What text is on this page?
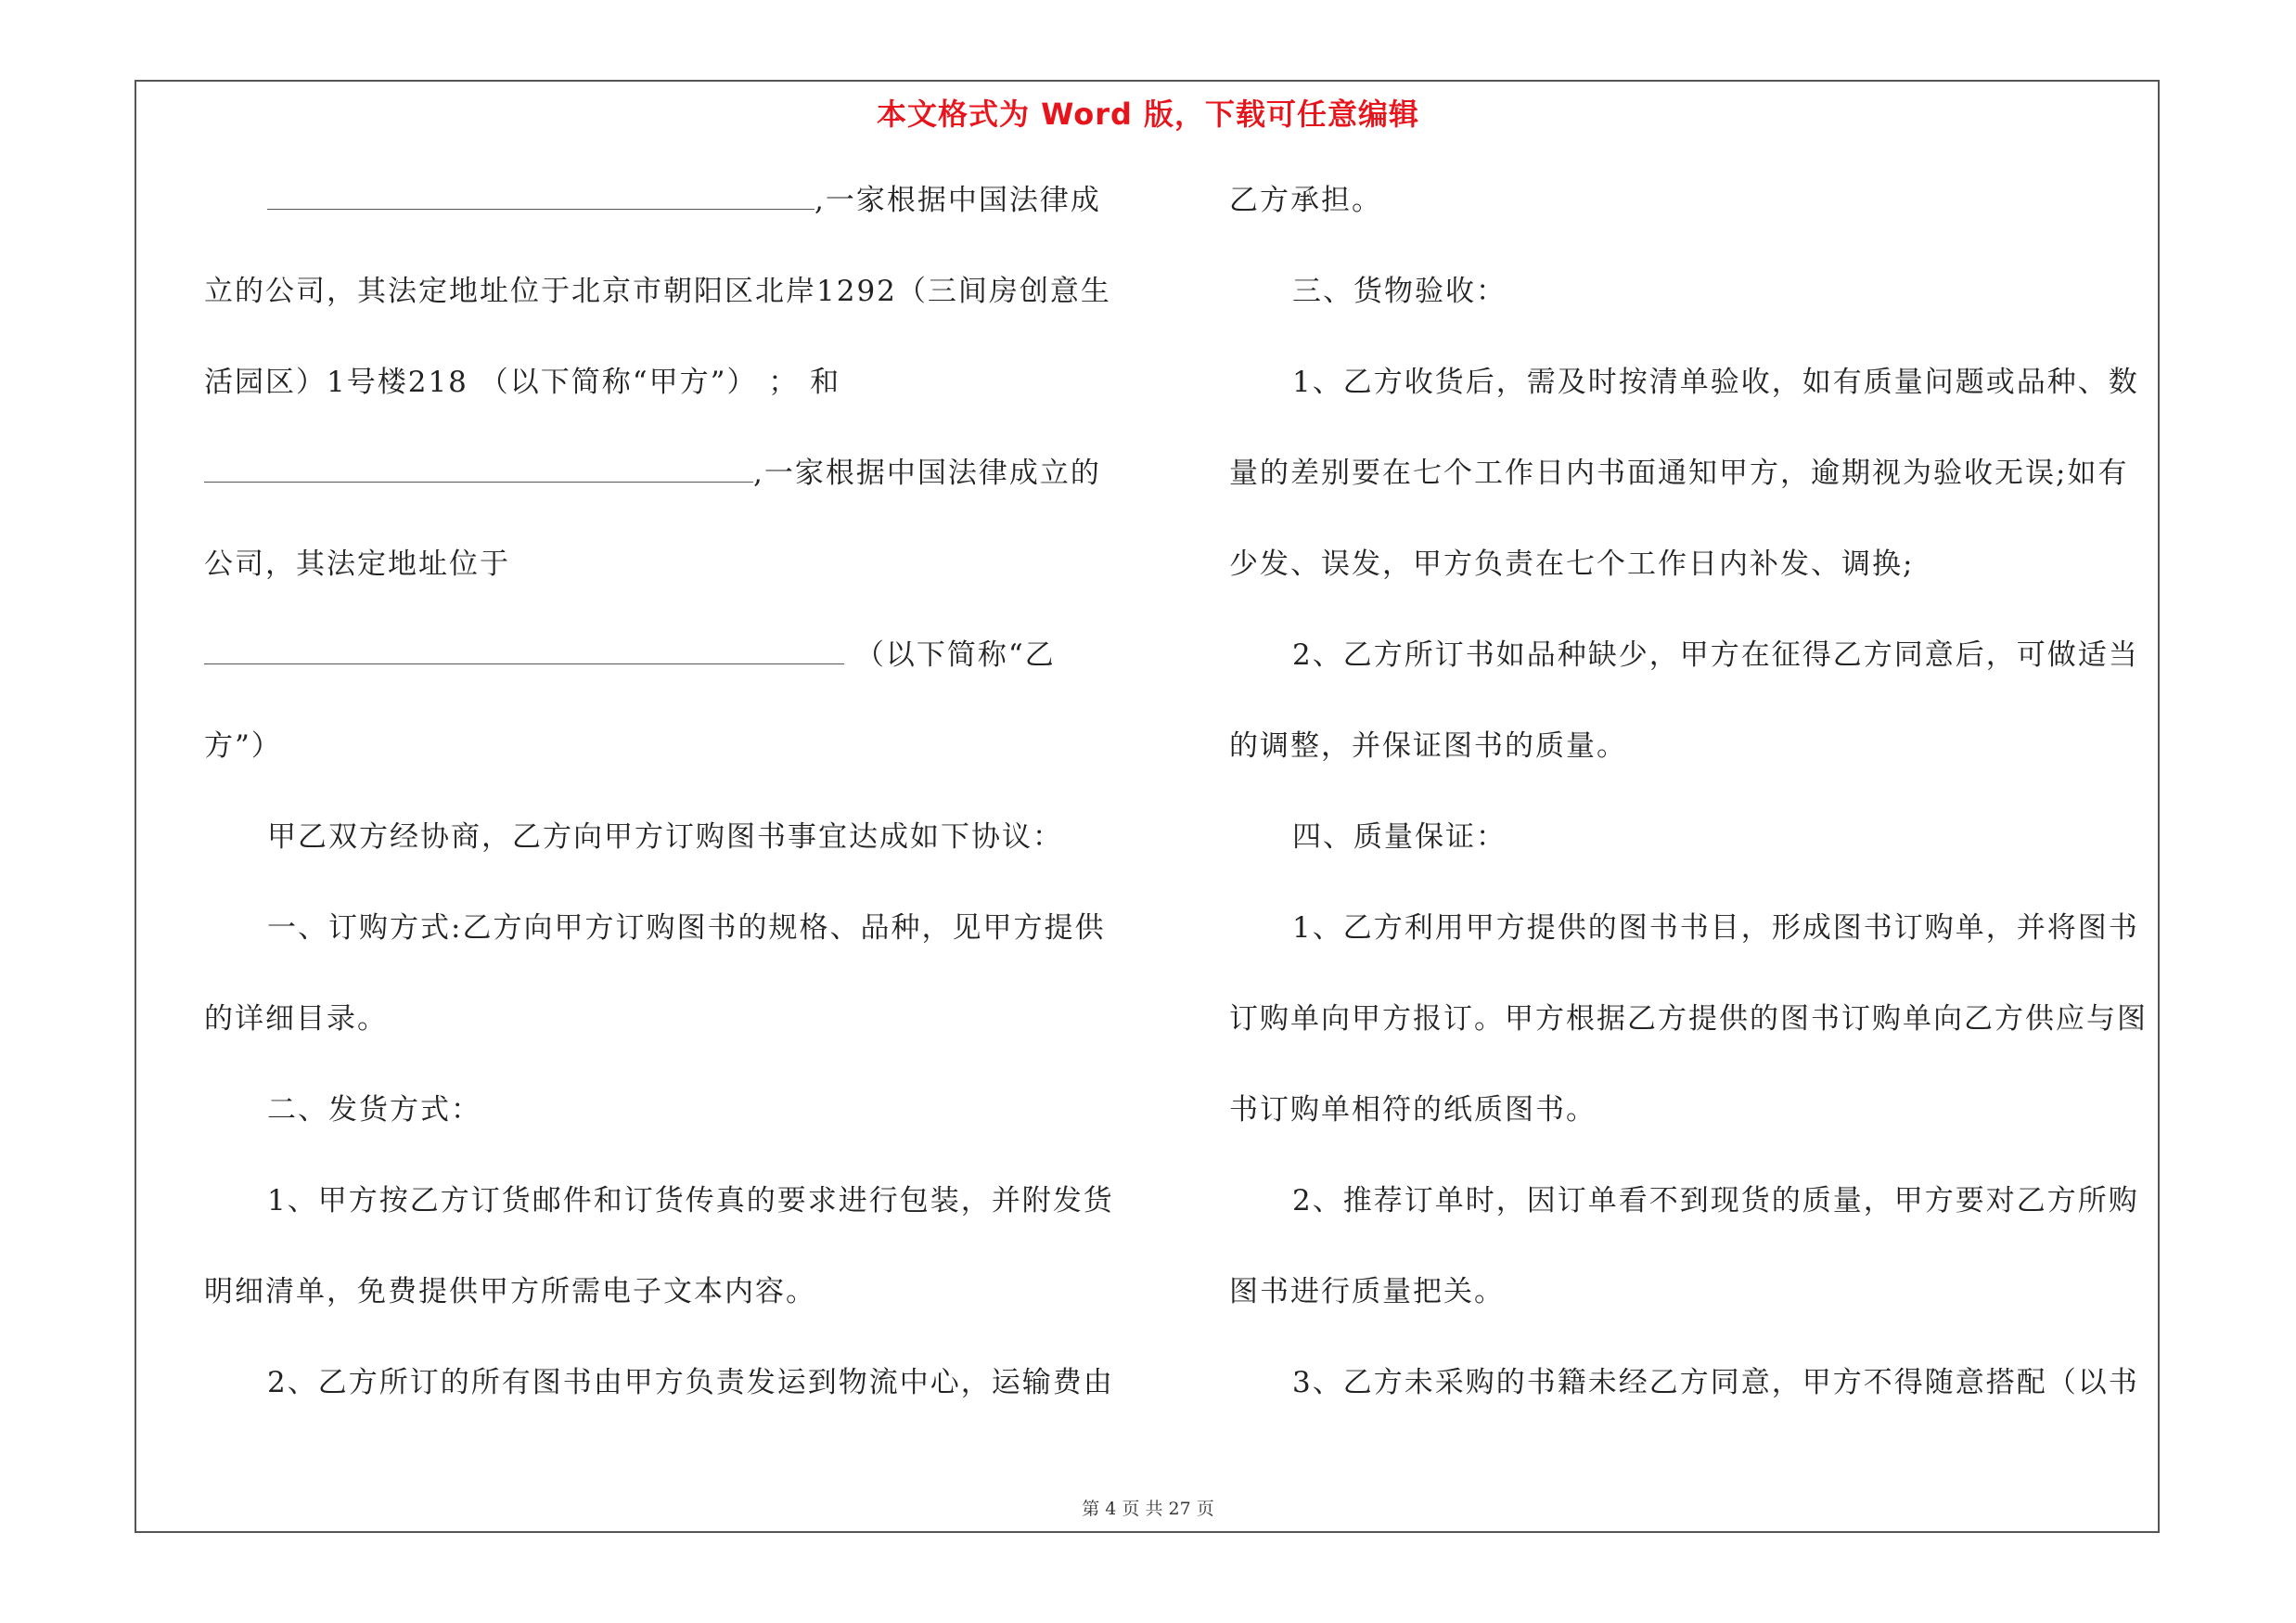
本文格式为 Word 版，下载可任意编辑
,一家根据中国法律成
立的公司，其法定地址位于北京市朝阳区北岸1292（三间房创意生
活园区）1号楼218 （以下简称“甲方”） ； 和
,一家根据中国法律成立的
公司，其法定地址位于
（以下简称“乙
方”）
甲乙双方经协商，乙方向甲方订购图书事宜达成如下协议：
一、订购方式:乙方向甲方订购图书的规格、品种，见甲方提供
的详细目录。
二、发货方式：
1、甲方按乙方订货邮件和订货传真的要求进行包装，并附发货
明细清单，免费提供甲方所需电子文本内容。
2、乙方所订的所有图书由甲方负责发运到物流中心，运输费由
乙方承担。
三、货物验收：
1、乙方收货后，需及时按清单验收，如有质量问题或品种、数
量的差别要在七个工作日内书面通知甲方，逾期视为验收无误;如有
少发、误发，甲方负责在七个工作日内补发、调换;
2、乙方所订书如品种缺少，甲方在征得乙方同意后，可做适当
的调整，并保证图书的质量。
四、质量保证：
1、乙方利用甲方提供的图书书目，形成图书订购单，并将图书
订购单向甲方报订。甲方根据乙方提供的图书订购单向乙方供应与图
书订购单相符的纸质图书。
2、推荐订单时，因订单看不到现货的质量，甲方要对乙方所购
图书进行质量把关。
3、乙方未采购的书籍未经乙方同意，甲方不得随意搭配（以书
第 4 页 共 27 页
